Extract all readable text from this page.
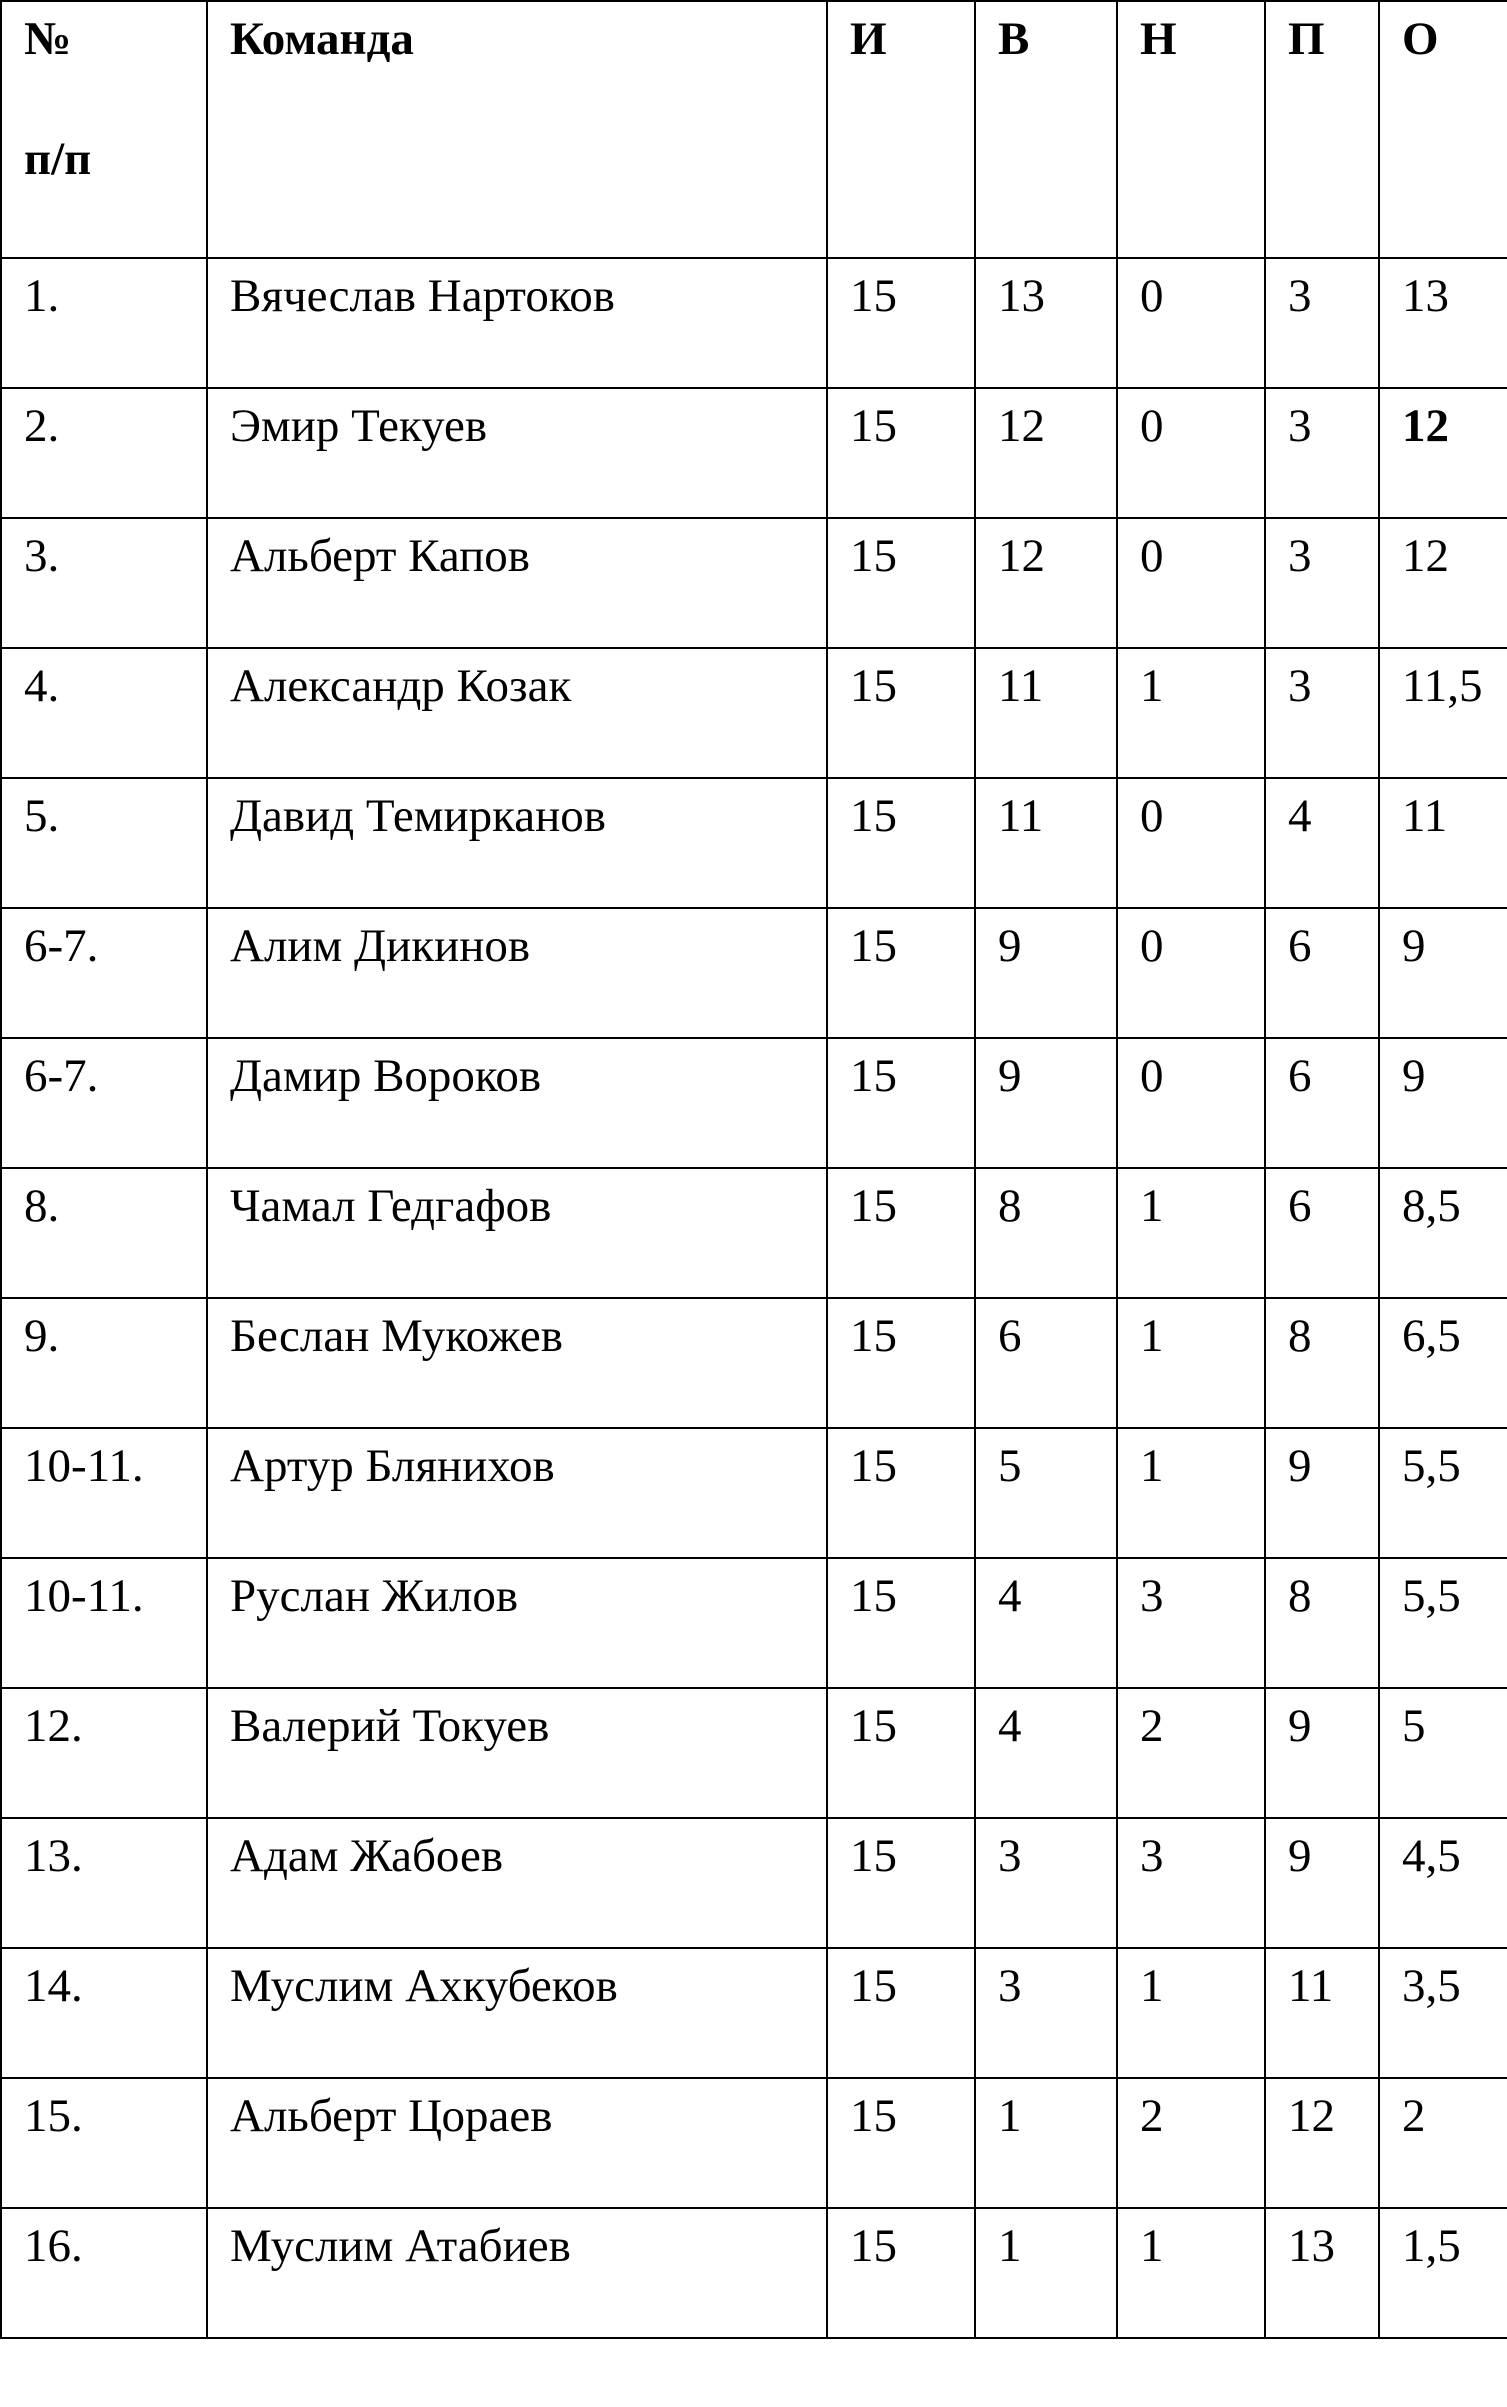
№
п/п	Команда	И	В	Н	П	О
1.	Вячеслав Нартоков	15	13	0	3	13
2.	Эмир Текуев	15	12	0	3	12
3.	Альберт Капов	15	12	0	3	12
4.	Александр Козак	15	11	1	3	11,5
5.	Давид Темирканов	15	11	0	4	11
6-7.	Алим Дикинов	15	9	0	6	9
6-7.	Дамир Вороков	15	9	0	6	9
8.	Чамал Гедгафов	15	8	1	6	8,5
9.	Беслан Мукожев	15	6	1	8	6,5
10-11.	Артур Блянихов	15	5	1	9	5,5
10-11.	Руслан Жилов	15	4	3	8	5,5
12.	Валерий Токуев	15	4	2	9	5
13.	Адам Жабоев	15	3	3	9	4,5
14.	Муслим Ахкубеков	15	3	1	11	3,5
15.	Альберт Цораев	15	1	2	12	2
16.	Муслим Атабиев	15	1	1	13	1,5
